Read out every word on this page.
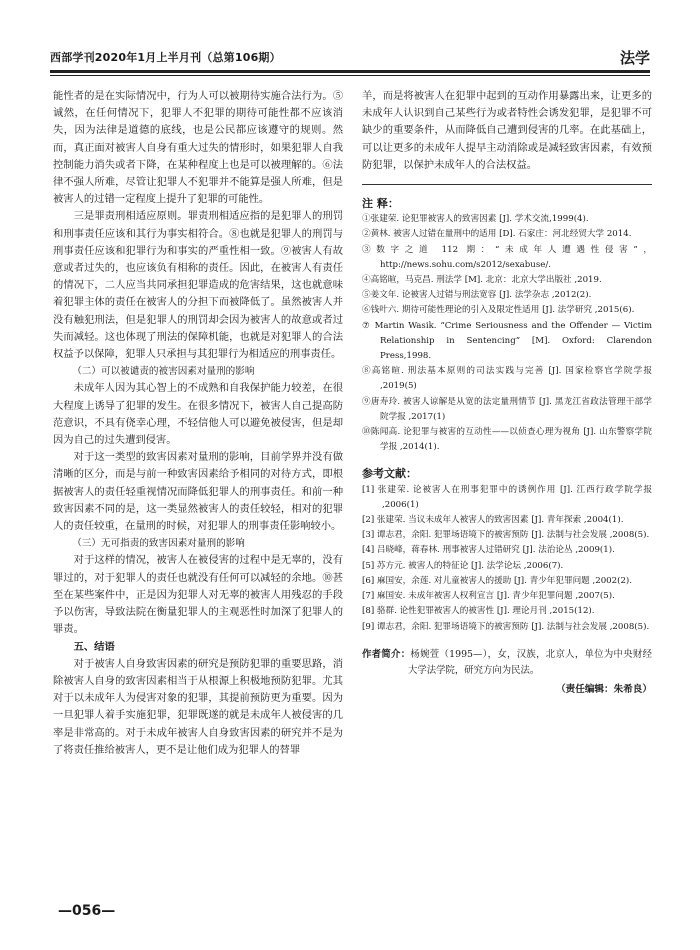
西部学刊2020年1月上半月刊（总第106期）	法学

能性者的是在实际情况中，行为人可以被期待实施合法行为。⑤诚然，在任何情况下，犯罪人不犯罪的期待可能性都不应该消失，因为法律是道德的底线，也是公民都应该遵守的规则。然而，真正面对被害人自身有重大过失的情形时，如果犯罪人自我控制能力消失或者下降，在某种程度上也是可以被理解的。⑥法律不强人所难，尽管让犯罪人不犯罪并不能算是强人所难，但是被害人的过错一定程度上提升了犯罪的可能性。

三是罪责刑相适应原则。罪责刑相适应指的是犯罪人的刑罚和刑事责任应该和其行为事实相符合。⑧也就是犯罪人的刑罚与刑事责任应该和犯罪行为和事实的严重性相一致。⑨被害人有故意或者过失的，也应该负有相称的责任。因此，在被害人有责任的情况下，二人应当共同承担犯罪造成的危害结果，这也就意味着犯罪主体的责任在被害人的分担下而被降低了。虽然被害人并没有触犯刑法，但是犯罪人的刑罚却会因为被害人的故意或者过失而减轻。这也体现了刑法的保障机能，也就是对犯罪人的合法权益予以保障，犯罪人只承担与其犯罪行为相适应的刑事责任。

（二）可以被谴责的被害因素对量刑的影响

未成年人因为其心智上的不成熟和自我保护能力较差，在很大程度上诱导了犯罪的发生。在很多情况下，被害人自己提高防范意识，不具有侥幸心理，不轻信他人可以避免被侵害，但是却因为自己的过失遭到侵害。

对于这一类型的致害因素对量刑的影响，目前学界并没有做清晰的区分，而是与前一种致害因素给予相同的对待方式，即根据被害人的责任轻重视情况而降低犯罪人的刑事责任。和前一种致害因素不同的是，这一类显然被害人的责任较轻，相对的犯罪人的责任较重，在量刑的时候，对犯罪人的刑事责任影响较小。

（三）无可指责的致害因素对量刑的影响

对于这样的情况，被害人在被侵害的过程中是无辜的，没有罪过的，对于犯罪人的责任也就没有任何可以减轻的余地。⑩甚至在某些案件中，正是因为犯罪人对无辜的被害人用残忍的手段予以伤害，导致法院在衡量犯罪人的主观恶性时加深了犯罪人的罪责。

五、结语

对于被害人自身致害因素的研究是预防犯罪的重要思路，消除被害人自身的致害因素相当于从根源上积极地预防犯罪。尤其对于以未成年人为侵害对象的犯罪，其提前预防更为重要。因为一旦犯罪人着手实施犯罪，犯罪既遂的就是未成年人被侵害的几率是非常高的。对于未成年被害人自身致害因素的研究并不是为了将责任推给被害人，更不是让他们成为犯罪人的替罪

羊，而是将被害人在犯罪中起到的互动作用暴露出来，让更多的未成年人认识到自己某些行为或者特性会诱发犯罪，是犯罪不可缺少的重要条件，从而降低自己遭到侵害的几率。在此基础上，可以让更多的未成年人提早主动消除或是减轻致害因素，有效预防犯罪，以保护未成年人的合法权益。

注 释：
①张建荣. 论犯罪被害人的致害因素 [J]. 学术交流,1999(4).
②黄林. 被害人过错在量刑中的适用 [D]. 石家庄：河北经贸大学 2014.
③数字之道 112 期：“未成年人遭遇性侵害”，http://news.sohu.com/s2012/sexabuse/.
④高铭暄，马克昌. 刑法学 [M]. 北京：北京大学出版社 ,2019.
⑤姜文年. 论被害人过错与刑法宽容 [J]. 法学杂志 ,2012(2).
⑥钱叶六. 期待可能性理论的引入及限定性适用 [J]. 法学研究 ,2015(6).
⑦ Martin Wasik. “Crime Seriousness and the Offender — Victim Relationship in Sentencing” [M]. Oxford: Clarendon Press,1998.
⑧高铭暄. 刑法基本原则的司法实践与完善 [J]. 国家检察官学院学报 ,2019(5)
⑨唐寿玲. 被害人谅解是从宽的法定量刑情节 [J]. 黑龙江省政法管理干部学院学报 ,2017(1)
⑩陈闻高. 论犯罪与被害的互动性——以侦查心理为视角 [J]. 山东警察学院学报 ,2014(1).
参考文献：
[1] 张建荣. 论被害人在刑事犯罪中的诱例作用 [J]. 江西行政学院学报 ,2006(1)
[2] 张建荣. 当议未成年人被害人的致害因素 [J]. 青年探索 ,2004(1).
[3] 谭志君，余阳. 犯罪场语境下的被害预防 [J]. 法制与社会发展 ,2008(5).
[4] 吕晓峰，蒋春林. 刑事被害人过错研究 [J]. 法治论丛 ,2009(1).
[5] 苏方元. 被害人的特征论 [J]. 法学论坛 ,2006(7).
[6] 麻国安，余莲. 对儿童被害人的援助 [J]. 青少年犯罪问题 ,2002(2).
[7] 麻国安. 未成年被害人权利宣言 [J]. 青少年犯罪问题 ,2007(5).
[8] 骆群. 论性犯罪被害人的被害性 [J]. 理论月刊 ,2015(12).
[9] 谭志君，余阳. 犯罪场语境下的被害预防 [J]. 法制与社会发展 ,2008(5).
作者简介：杨婉萱（1995—），女，汉族，北京人，单位为中央财经大学法学院，研究方向为民法。
（责任编辑：朱希良）
—056—
